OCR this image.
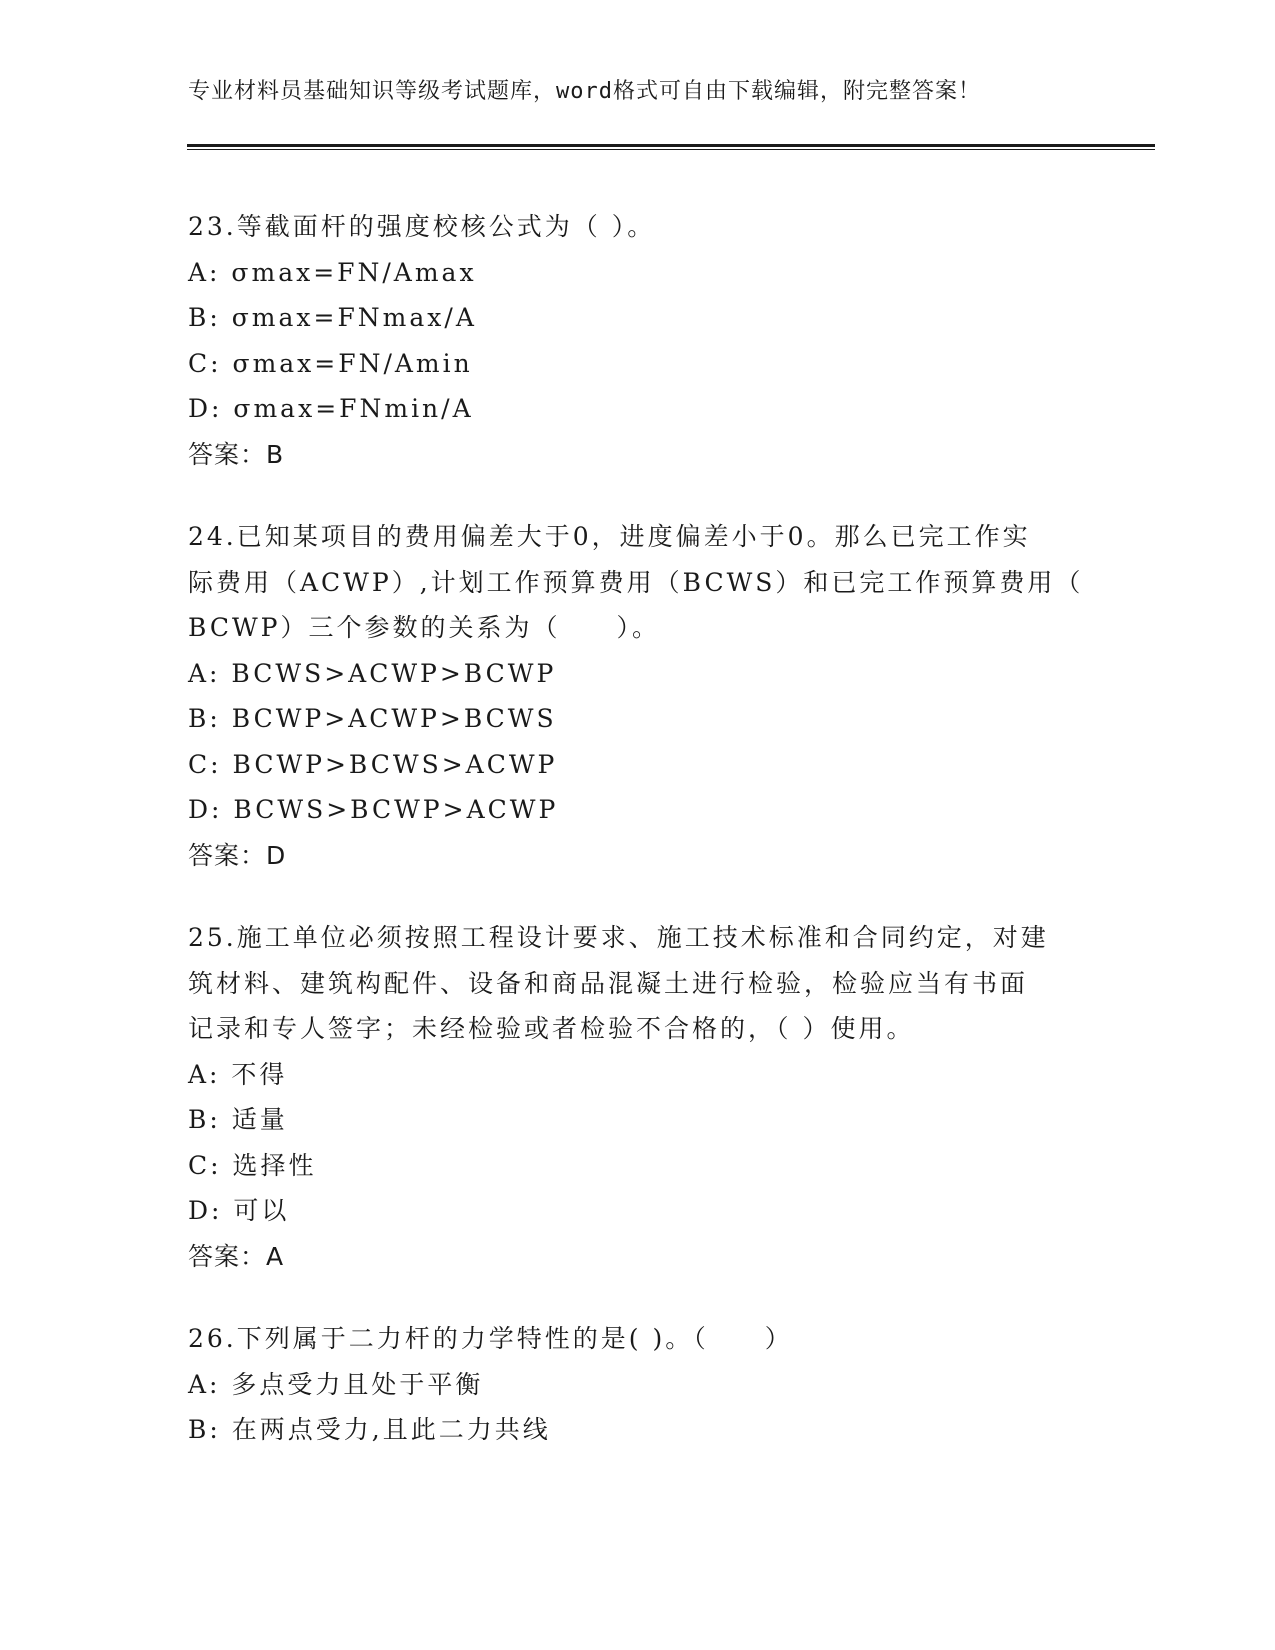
专业材料员基础知识等级考试题库，word格式可自由下载编辑，附完整答案！
23.等截面杆的强度校核公式为（ ）。
A: σmax=FN/Amax
B: σmax=FNmax/A
C: σmax=FN/Amin
D: σmax=FNmin/A
答案：B
24.已知某项目的费用偏差大于0，进度偏差小于0。那么已完工作实
际费用（ACWP）,计划工作预算费用（BCWS）和已完工作预算费用（
BCWP）三个参数的关系为（　　）。
A: BCWS>ACWP>BCWP
B: BCWP>ACWP>BCWS
C: BCWP>BCWS>ACWP
D: BCWS>BCWP>ACWP
答案：D
25.施工单位必须按照工程设计要求、施工技术标准和合同约定，对建
筑材料、建筑构配件、设备和商品混凝土进行检验，检验应当有书面
记录和专人签字；未经检验或者检验不合格的，（ ）使用。
A: 不得
B: 适量
C: 选择性
D: 可以
答案：A
26.下列属于二力杆的力学特性的是( )。（　　）
A: 多点受力且处于平衡
B: 在两点受力,且此二力共线
